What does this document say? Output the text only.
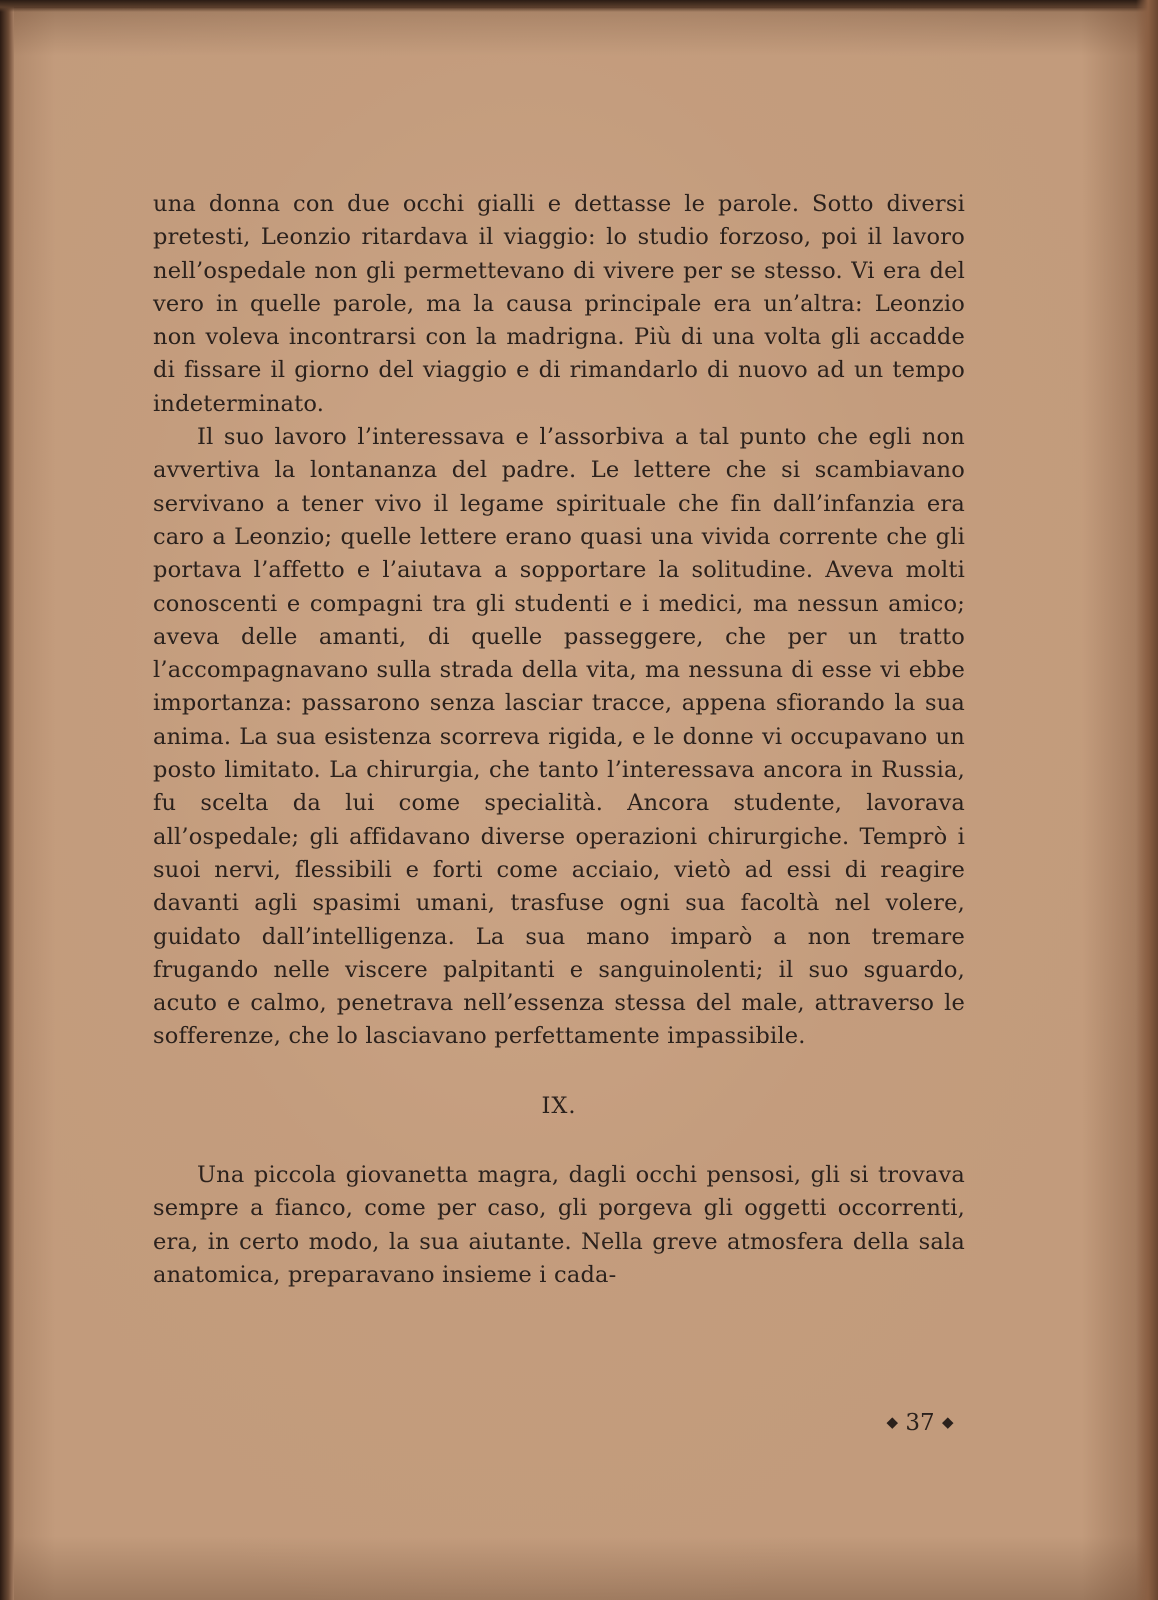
una donna con due occhi gialli e dettasse le parole. Sotto diversi pretesti, Leonzio ritardava il viaggio: lo studio forzoso, poi il lavoro nell’ospedale non gli permettevano di vivere per se stesso. Vi era del vero in quelle parole, ma la causa principale era un’altra: Leonzio non voleva incontrarsi con la madrigna. Più di una volta gli accadde di fissare il giorno del viaggio e di rimandarlo di nuovo ad un tempo indeterminato.

Il suo lavoro l’interessava e l’assorbiva a tal punto che egli non avvertiva la lontananza del padre. Le lettere che si scambiavano servivano a tener vivo il legame spirituale che fin dall’infanzia era caro a Leonzio; quelle lettere erano quasi una vivida corrente che gli portava l’affetto e l’aiutava a sopportare la solitudine. Aveva molti conoscenti e compagni tra gli studenti e i medici, ma nessun amico; aveva delle amanti, di quelle passeggere, che per un tratto l’accompagnavano sulla strada della vita, ma nessuna di esse vi ebbe importanza: passarono senza lasciar tracce, appena sfiorando la sua anima. La sua esistenza scorreva rigida, e le donne vi occupavano un posto limitato. La chirurgia, che tanto l’interessava ancora in Russia, fu scelta da lui come specialità. Ancora studente, lavorava all’ospedale; gli affidavano diverse operazioni chirurgiche. Temprò i suoi nervi, flessibili e forti come acciaio, vietò ad essi di reagire davanti agli spasimi umani, trasfuse ogni sua facoltà nel volere, guidato dall’intelligenza. La sua mano imparò a non tremare frugando nelle viscere palpitanti e sanguinolenti; il suo sguardo, acuto e calmo, penetrava nell’essenza stessa del male, attraverso le sofferenze, che lo lasciavano perfettamente impassibile.

IX.

Una piccola giovanetta magra, dagli occhi pensosi, gli si trovava sempre a fianco, come per caso, gli porgeva gli oggetti occorrenti, era, in certo modo, la sua aiutante. Nella greve atmosfera della sala anatomica, preparavano insieme i cada-

◆ 37 ◆
